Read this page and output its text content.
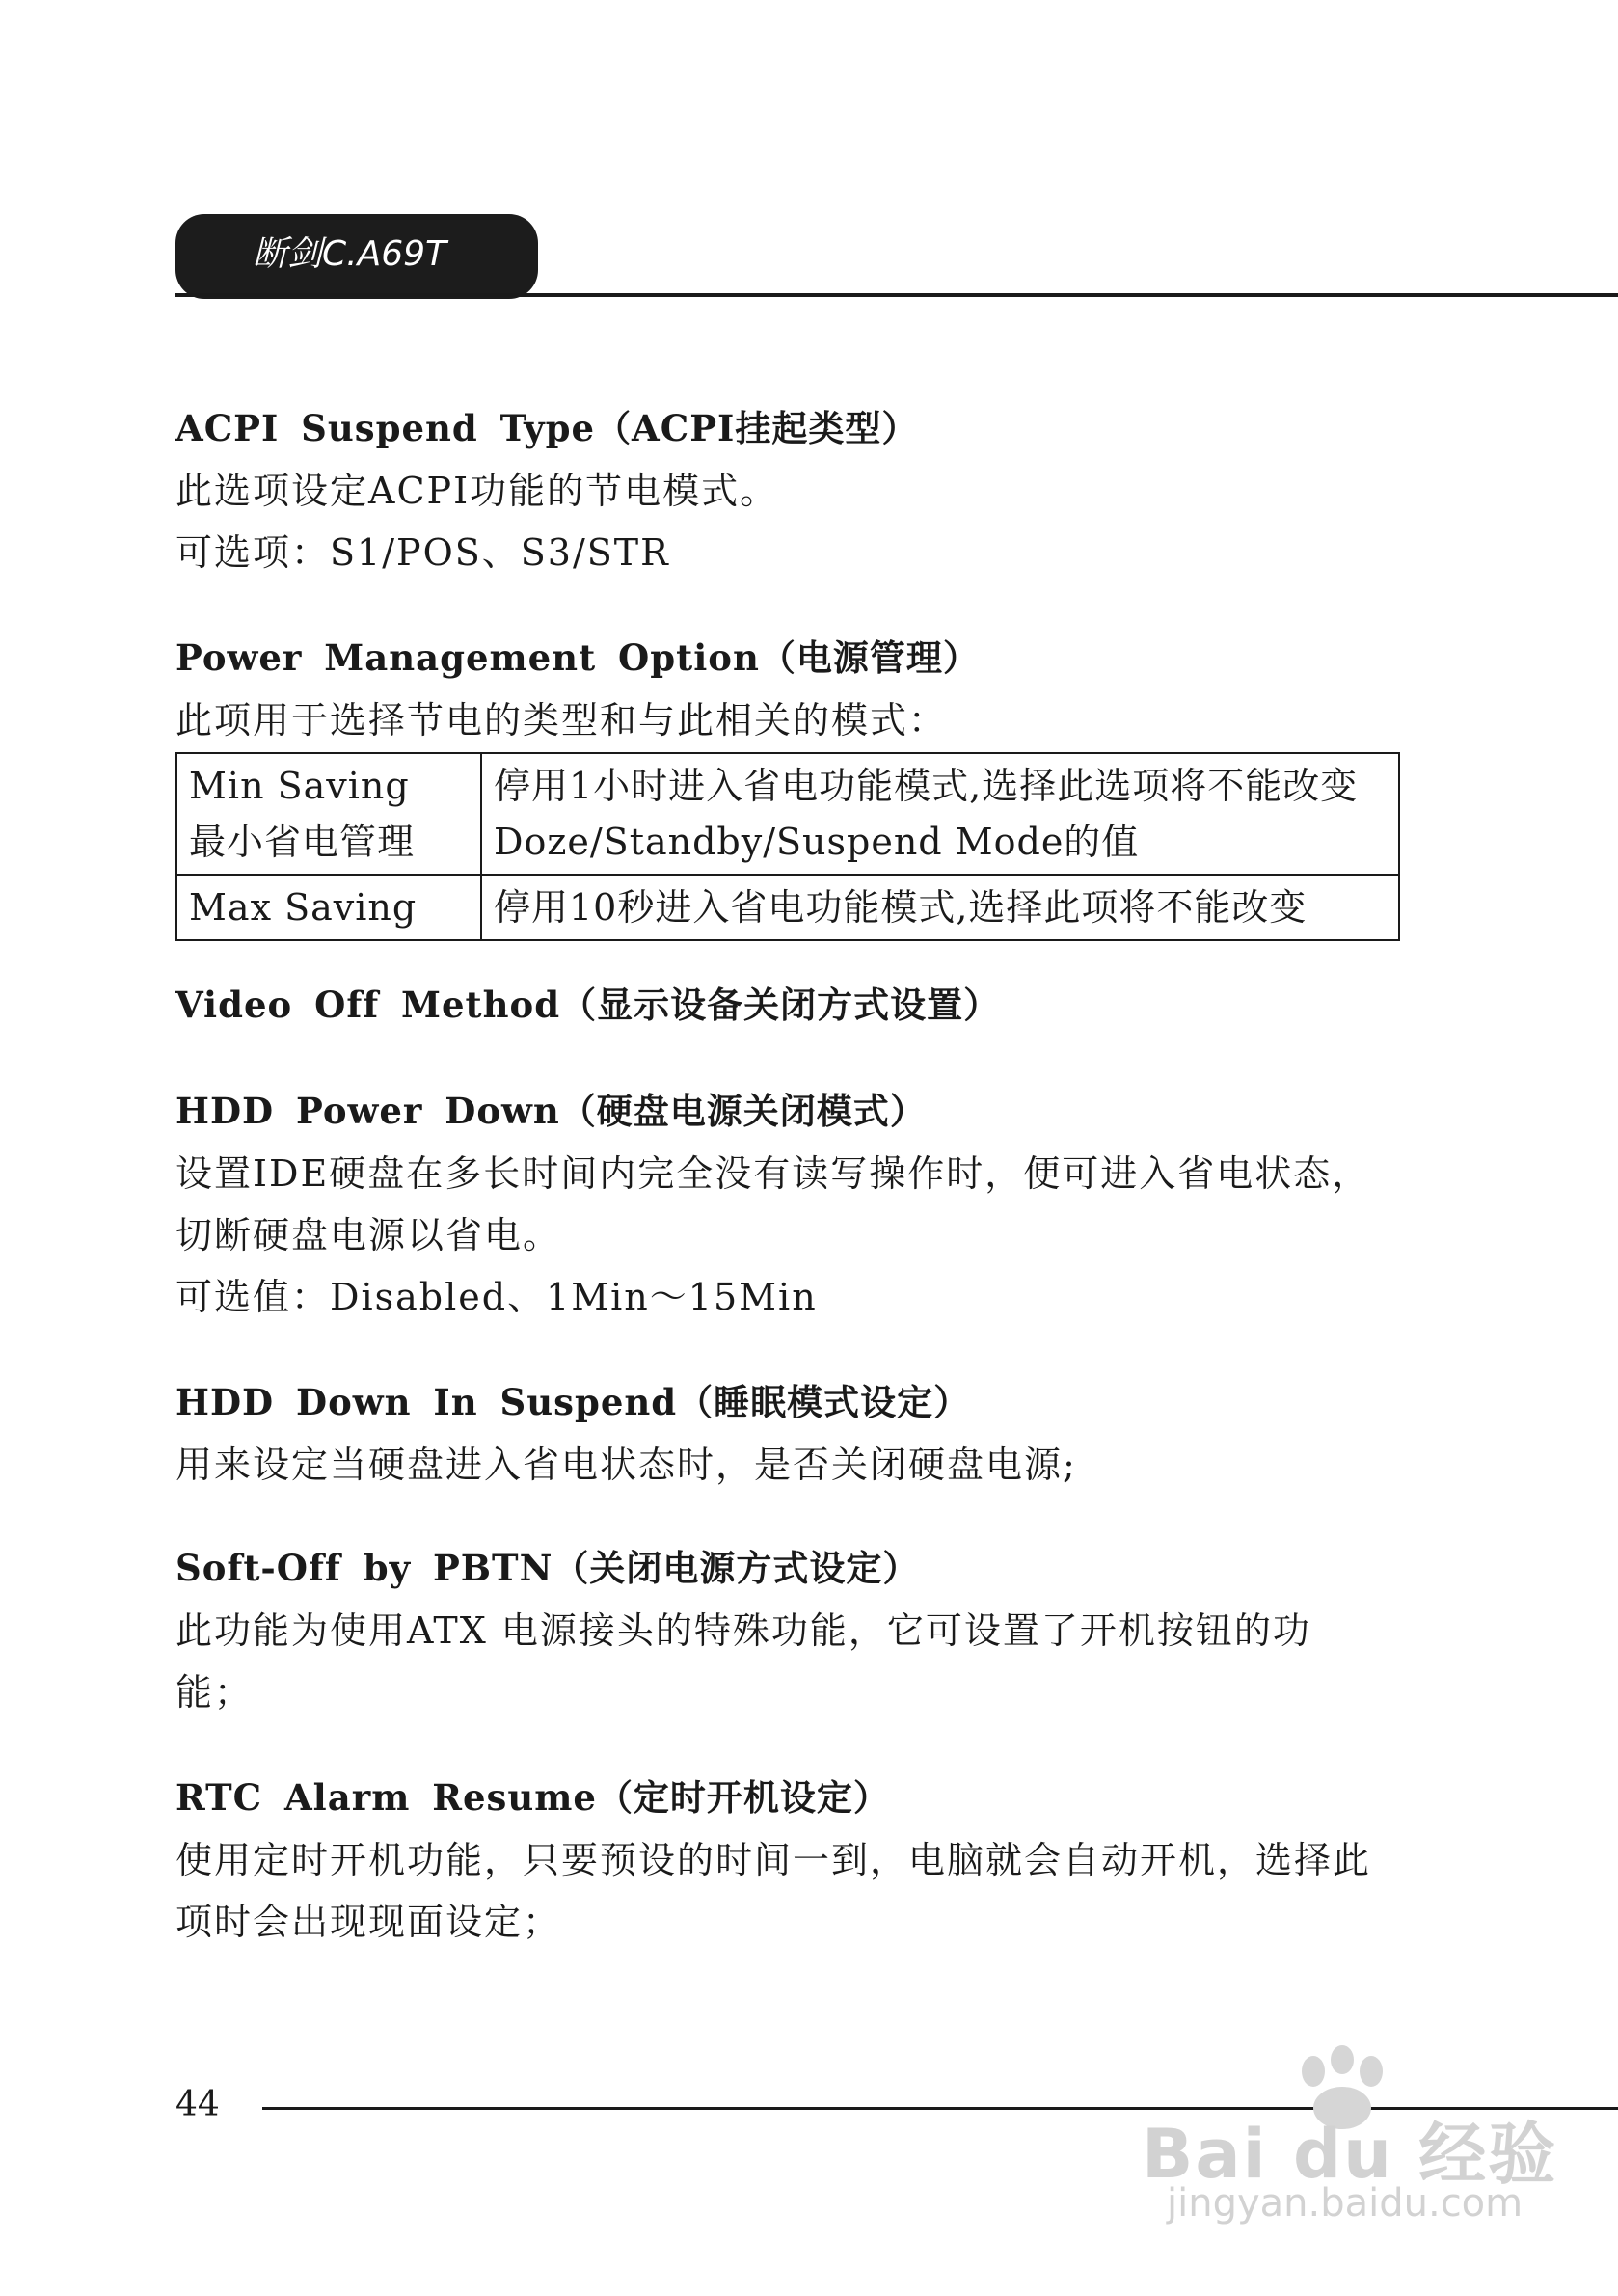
断剑C.A69T
ACPI Suspend Type（ACPI挂起类型）
此选项设定ACPI功能的节电模式。
可选项：S1/POS、S3/STR
Power Management Option（电源管理）
此项用于选择节电的类型和与此相关的模式：
Video Off Method（显示设备关闭方式设置）
HDD Power Down（硬盘电源关闭模式）
设置IDE硬盘在多长时间内完全没有读写操作时，便可进入省电状态，
切断硬盘电源以省电。
可选值：Disabled、1Min～15Min
HDD Down In Suspend（睡眠模式设定）
用来设定当硬盘进入省电状态时，是否关闭硬盘电源;
Soft-Off by PBTN（关闭电源方式设定）
此功能为使用ATX 电源接头的特殊功能，它可设置了开机按钮的功
能；
RTC Alarm Resume（定时开机设定）
使用定时开机功能，只要预设的时间一到，电脑就会自动开机，选择此
项时会出现现面设定；
Min Saving
最小省电管理	停用1小时进入省电功能模式,选择此选项将不能改变
Doze/Standby/Suspend Mode的值

Max Saving	停用10秒进入省电功能模式,选择此项将不能改变
44
Bai du 经验
jingyan.baidu.com
